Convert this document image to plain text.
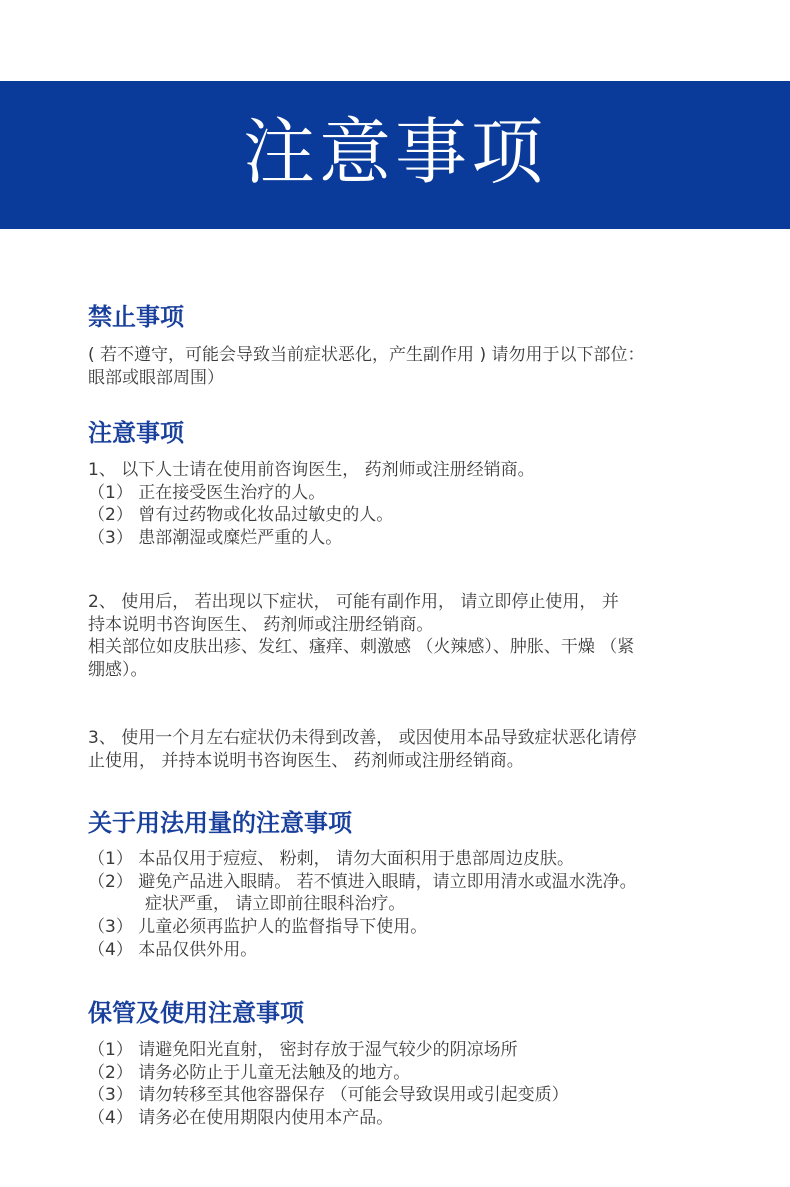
注意事项
禁止事项
( 若不遵守，可能会导致当前症状恶化，产生副作用 ) 请勿用于以下部位：
眼部或眼部周围）
注意事项
1、 以下人士请在使用前咨询医生， 药剂师或注册经销商。
（1） 正在接受医生治疗的人。
（2） 曾有过药物或化妆品过敏史的人。
（3） 患部潮湿或糜烂严重的人。
2、 使用后， 若出现以下症状， 可能有副作用， 请立即停止使用， 并
持本说明书咨询医生、 药剂师或注册经销商。
相关部位如皮肤出疹、发红、瘙痒、刺激感 （火辣感）、肿胀、干燥 （紧
绷感）。
3、 使用一个月左右症状仍未得到改善， 或因使用本品导致症状恶化请停
止使用， 并持本说明书咨询医生、 药剂师或注册经销商。
关于用法用量的注意事项
（1） 本品仅用于痘痘、 粉刺， 请勿大面积用于患部周边皮肤。
（2） 避免产品进入眼睛。 若不慎进入眼睛，请立即用清水或温水洗净。
症状严重， 请立即前往眼科治疗。
（3） 儿童必须再监护人的监督指导下使用。
（4） 本品仅供外用。
保管及使用注意事项
（1） 请避免阳光直射， 密封存放于湿气较少的阴凉场所
（2） 请务必防止于儿童无法触及的地方。
（3） 请勿转移至其他容器保存 （可能会导致误用或引起变质）
（4） 请务必在使用期限内使用本产品。
